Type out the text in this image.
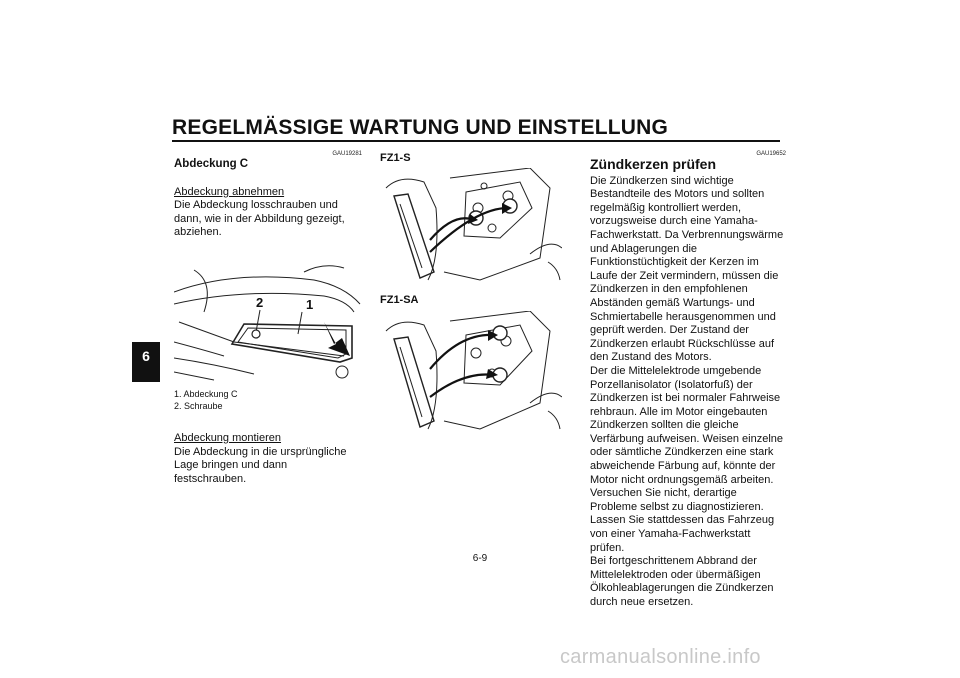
REGELMÄSSIGE WARTUNG UND EINSTELLUNG
6
GAU19281
Abdeckung C
Abdeckung abnehmen

Die Abdeckung losschrauben und dann, wie in der Abbildung gezeigt, abziehen.

2	1
1. Abdeckung C
2. Schraube
Abdeckung montieren

Die Abdeckung in die ursprüngliche Lage bringen und dann festschrauben.

FZ1-S

FZ1-SA

GAU19652
Zündkerzen prüfen

Die Zündkerzen sind wichtige Bestandteile des Motors und sollten regelmäßig kontrolliert werden, vorzugsweise durch eine Yamaha-Fachwerkstatt. Da Verbrennungswärme und Ablagerungen die Funktionstüchtigkeit der Kerzen im Laufe der Zeit vermindern, müssen die Zündkerzen in den empfohlenen Abständen gemäß Wartungs- und Schmiertabelle herausgenommen und geprüft werden. Der Zustand der Zündkerzen erlaubt Rückschlüsse auf den Zustand des Motors.

Der die Mittelelektrode umgebende Porzellanisolator (Isolatorfuß) der Zündkerzen ist bei normaler Fahrweise rehbraun. Alle im Motor eingebauten Zündkerzen sollten die gleiche Verfärbung aufweisen. Weisen einzelne oder sämtliche Zündkerzen eine stark abweichende Färbung auf, könnte der Motor nicht ordnungsgemäß arbeiten. Versuchen Sie nicht, derartige Probleme selbst zu diagnostizieren. Lassen Sie stattdessen das Fahrzeug von einer Yamaha-Fachwerkstatt prüfen.

Bei fortgeschrittenem Abbrand der Mittelelektroden oder übermäßigen Ölkohleablagerungen die Zündkerzen durch neue ersetzen.

6-9
carmanualsonline.info
